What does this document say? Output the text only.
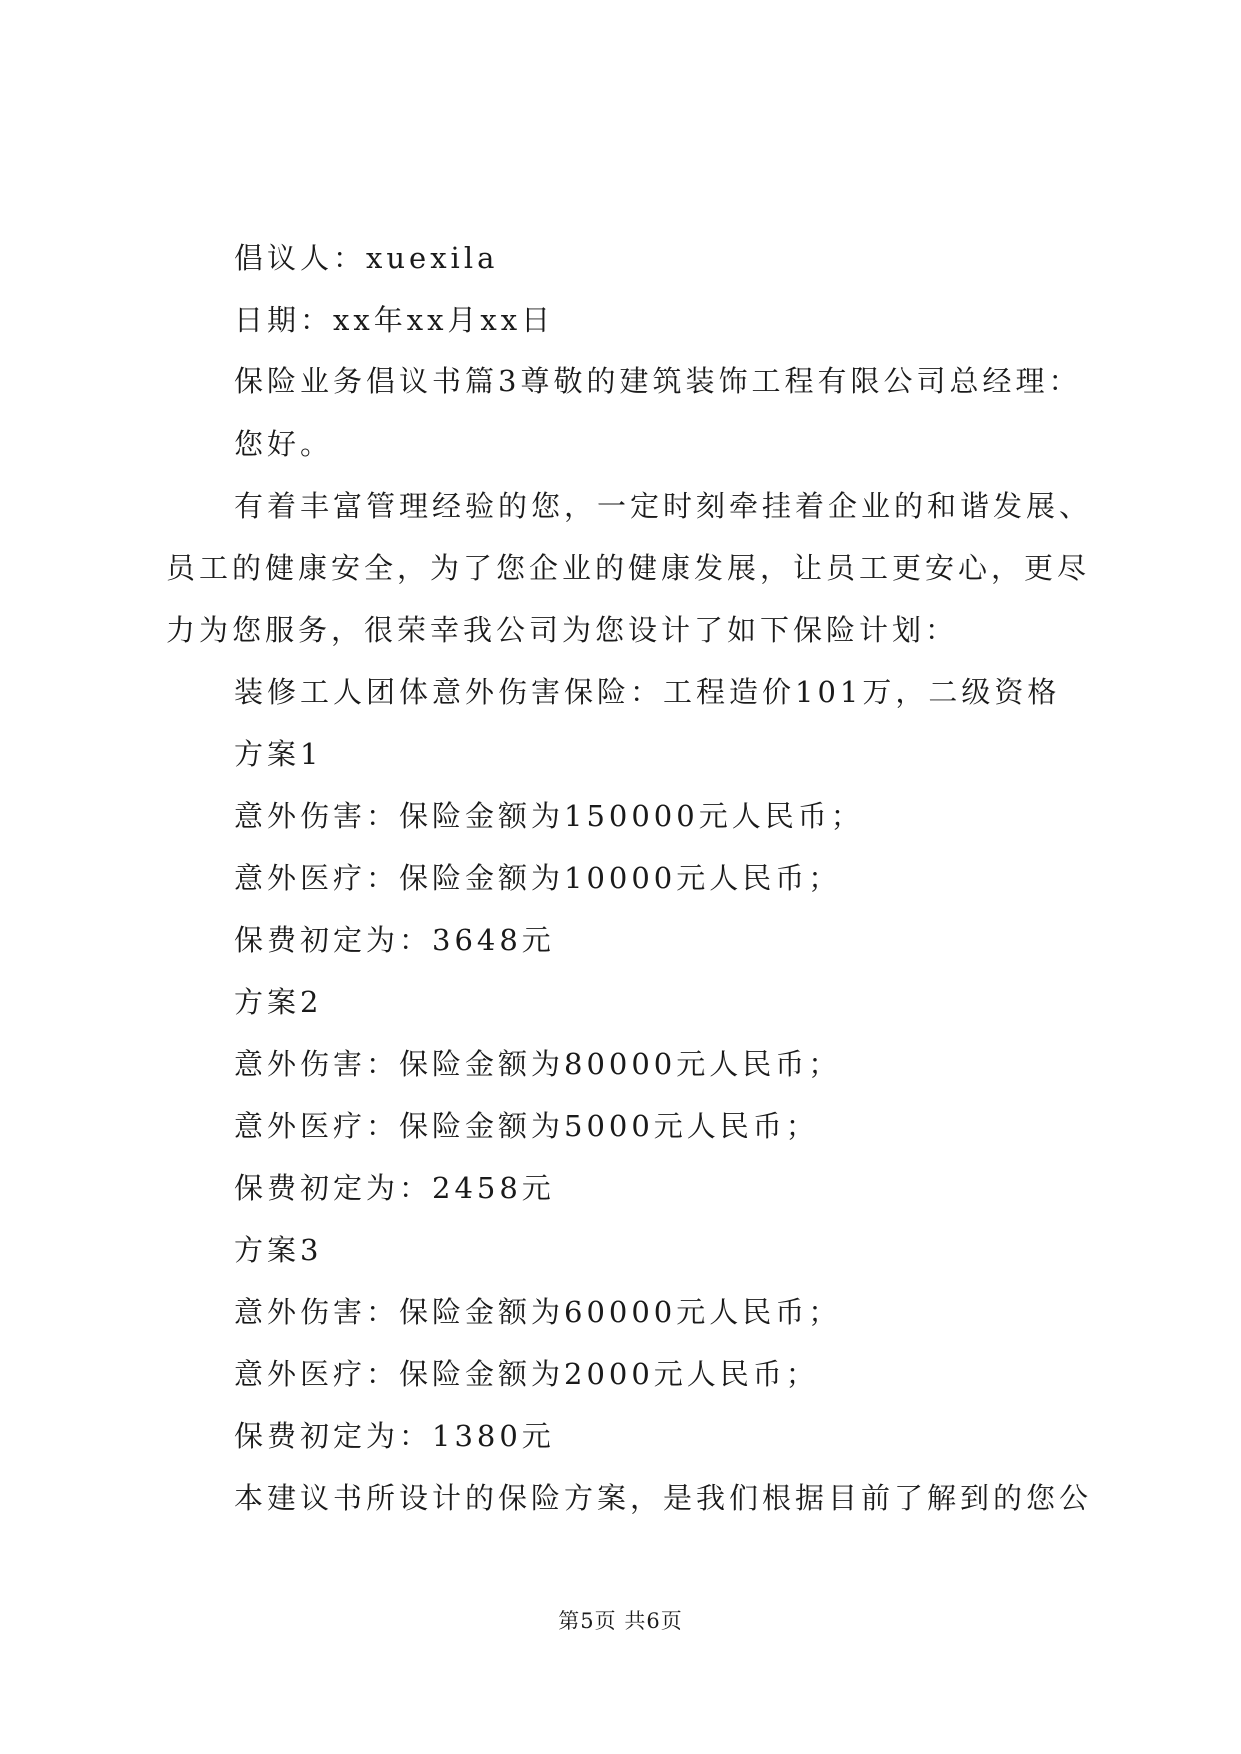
倡议人：xuexila
日期：xx年xx月xx日
保险业务倡议书篇3尊敬的建筑装饰工程有限公司总经理：
您好。
有着丰富管理经验的您，一定时刻牵挂着企业的和谐发展、
员工的健康安全，为了您企业的健康发展，让员工更安心，更尽
力为您服务，很荣幸我公司为您设计了如下保险计划：
装修工人团体意外伤害保险：工程造价101万，二级资格
方案1
意外伤害：保险金额为150000元人民币；
意外医疗：保险金额为10000元人民币；
保费初定为：3648元
方案2
意外伤害：保险金额为80000元人民币；
意外医疗：保险金额为5000元人民币；
保费初定为：2458元
方案3
意外伤害：保险金额为60000元人民币；
意外医疗：保险金额为2000元人民币；
保费初定为：1380元
本建议书所设计的保险方案，是我们根据目前了解到的您公
第5页 共6页
